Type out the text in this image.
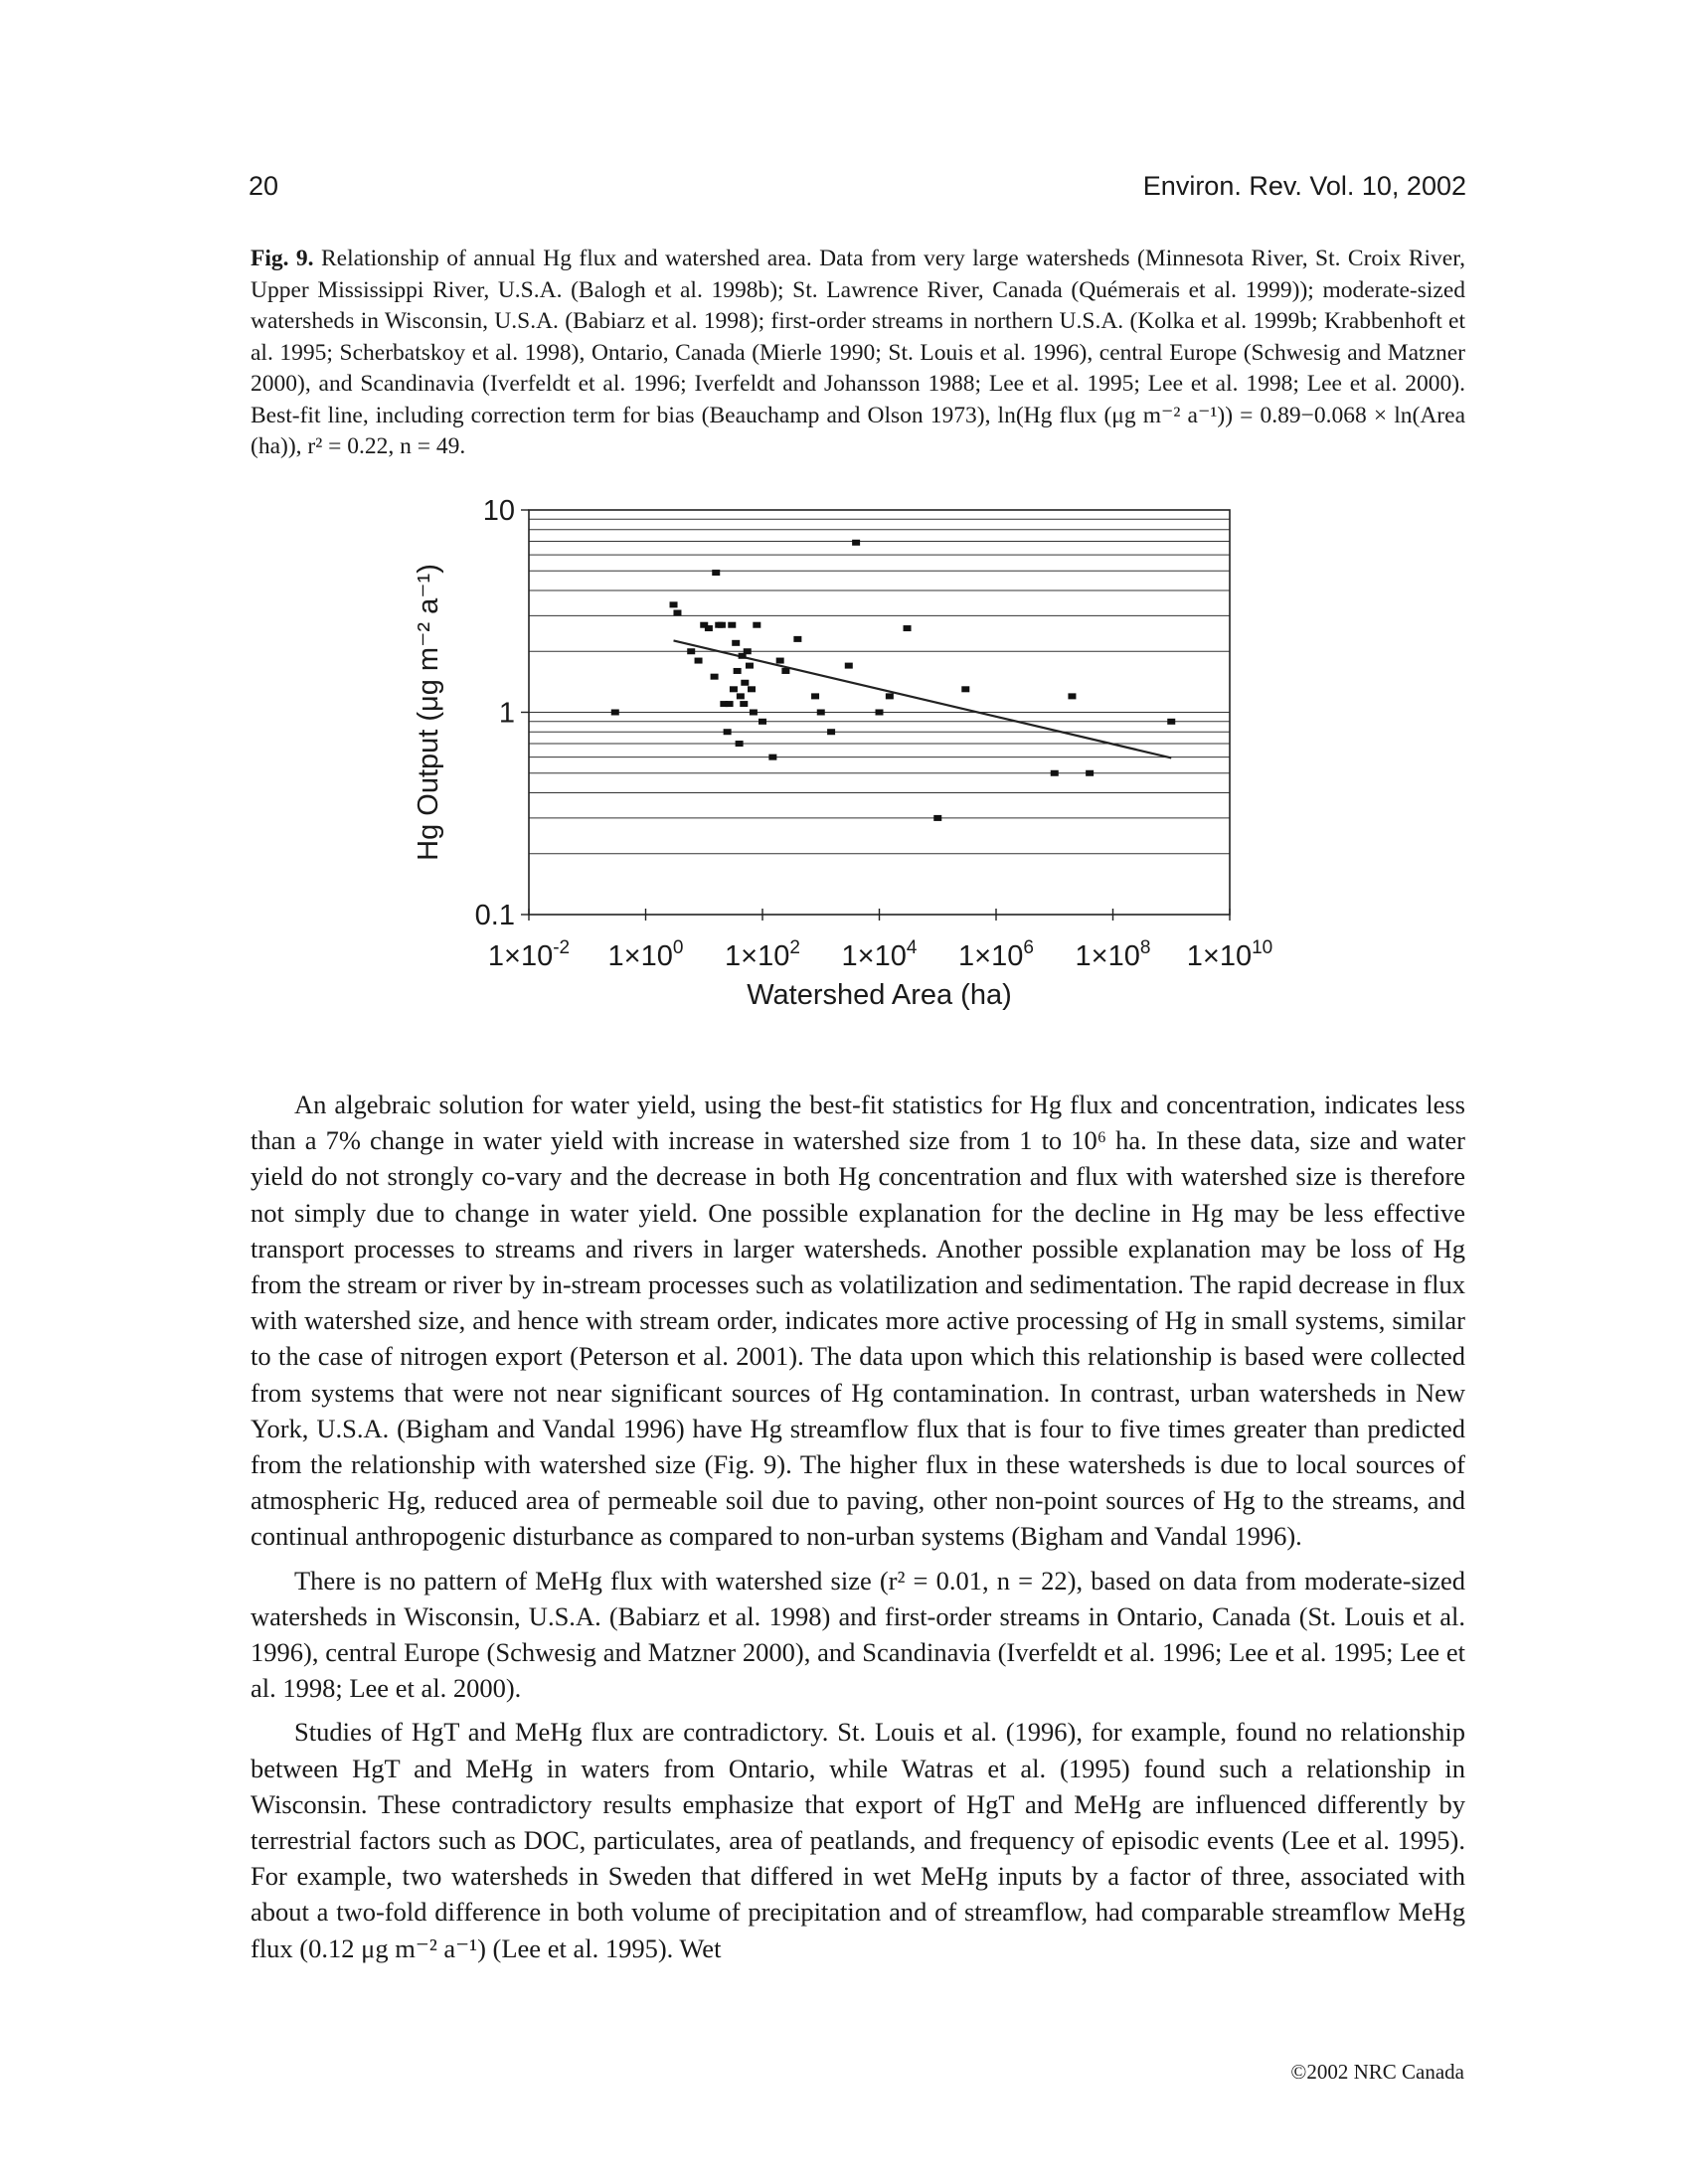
20	Environ. Rev. Vol. 10, 2002
Fig. 9. Relationship of annual Hg flux and watershed area. Data from very large watersheds (Minnesota River, St. Croix River, Upper Mississippi River, U.S.A. (Balogh et al. 1998b); St. Lawrence River, Canada (Quémerais et al. 1999)); moderate-sized watersheds in Wisconsin, U.S.A. (Babiarz et al. 1998); first-order streams in northern U.S.A. (Kolka et al. 1999b; Krabbenhoft et al. 1995; Scherbatskoy et al. 1998), Ontario, Canada (Mierle 1990; St. Louis et al. 1996), central Europe (Schwesig and Matzner 2000), and Scandinavia (Iverfeldt et al. 1996; Iverfeldt and Johansson 1988; Lee et al. 1995; Lee et al. 1998; Lee et al. 2000). Best-fit line, including correction term for bias (Beauchamp and Olson 1973), ln(Hg flux (μg m⁻² a⁻¹)) = 0.89−0.068 × ln(Area (ha)), r² = 0.22, n = 49.
$1\times 10^{-2}$ $1\times 10^0$ $1\times 10^2$ $1\times 10^4$ $1\times 10^6$ $1\times 10^8$ $1\times 10^{10}$
10
1
0.1
Watershed Area (ha)
Hg Output (μg m⁻² a⁻¹)

An algebraic solution for water yield, using the best-fit statistics for Hg flux and concentration, indicates less than a 7% change in water yield with increase in watershed size from 1 to 10⁶ ha. In these data, size and water yield do not strongly co-vary and the decrease in both Hg concentration and flux with watershed size is therefore not simply due to change in water yield. One possible explanation for the decline in Hg may be less effective transport processes to streams and rivers in larger watersheds. Another possible explanation may be loss of Hg from the stream or river by in-stream processes such as volatilization and sedimentation. The rapid decrease in flux with watershed size, and hence with stream order, indicates more active processing of Hg in small systems, similar to the case of nitrogen export (Peterson et al. 2001). The data upon which this relationship is based were collected from systems that were not near significant sources of Hg contamination. In contrast, urban watersheds in New York, U.S.A. (Bigham and Vandal 1996) have Hg streamflow flux that is four to five times greater than predicted from the relationship with watershed size (Fig. 9). The higher flux in these watersheds is due to local sources of atmospheric Hg, reduced area of permeable soil due to paving, other non-point sources of Hg to the streams, and continual anthropogenic disturbance as compared to non-urban systems (Bigham and Vandal 1996).

There is no pattern of MeHg flux with watershed size (r² = 0.01, n = 22), based on data from moderate-sized watersheds in Wisconsin, U.S.A. (Babiarz et al. 1998) and first-order streams in Ontario, Canada (St. Louis et al. 1996), central Europe (Schwesig and Matzner 2000), and Scandinavia (Iverfeldt et al. 1996; Lee et al. 1995; Lee et al. 1998; Lee et al. 2000).

Studies of HgT and MeHg flux are contradictory. St. Louis et al. (1996), for example, found no relationship between HgT and MeHg in waters from Ontario, while Watras et al. (1995) found such a relationship in Wisconsin. These contradictory results emphasize that export of HgT and MeHg are influenced differently by terrestrial factors such as DOC, particulates, area of peatlands, and frequency of episodic events (Lee et al. 1995). For example, two watersheds in Sweden that differed in wet MeHg inputs by a factor of three, associated with about a two-fold difference in both volume of precipitation and of streamflow, had comparable streamflow MeHg flux (0.12 μg m⁻² a⁻¹) (Lee et al. 1995). Wet

©2002 NRC Canada
